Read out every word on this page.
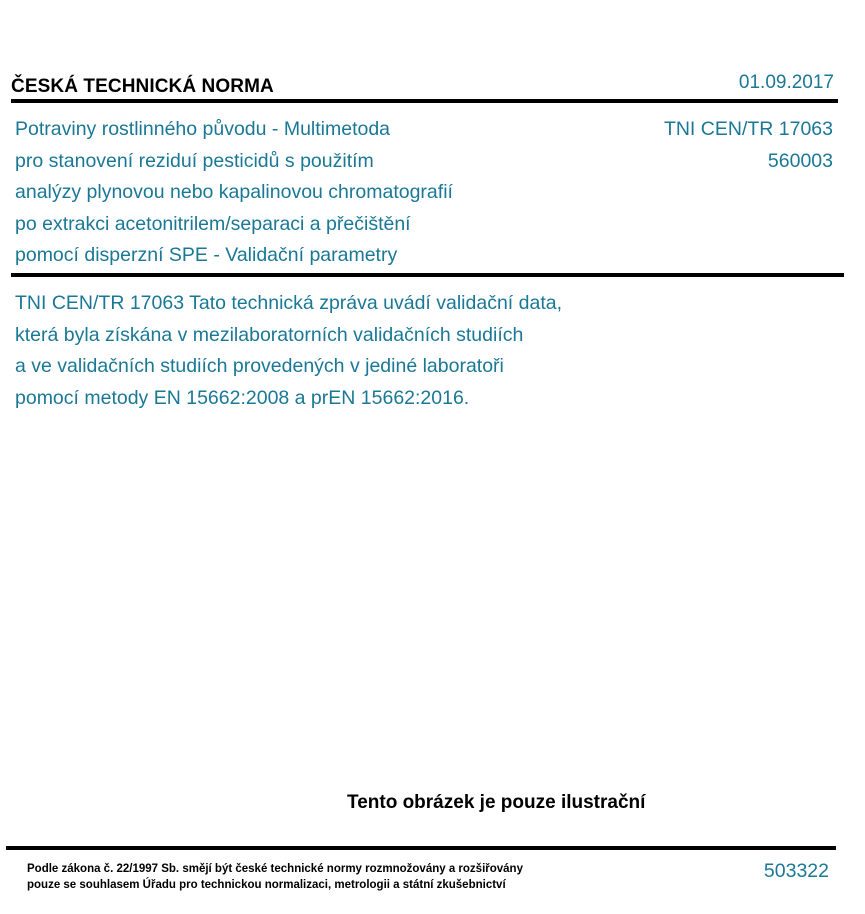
ČESKÁ TECHNICKÁ NORMA	01.09.2017
Potraviny rostlinného původu - Multimetoda
pro stanovení reziduí pesticidů s použitím
analýzy plynovou nebo kapalinovou chromatografií
po extrakci acetonitrilem/separaci a přečištění
pomocí disperzní SPE - Validační parametry
TNI CEN/TR 17063
560003
TNI CEN/TR 17063 Tato technická zpráva uvádí validační data,
která byla získána v mezilaboratorních validačních studiích
a ve validačních studiích provedených v jediné laboratoři
pomocí metody EN 15662:2008 a prEN 15662:2016.
Tento obrázek je pouze ilustrační
Podle zákona č. 22/1997 Sb. smějí být české technické normy rozmnožovány a rozšiřovány
pouze se souhlasem Úřadu pro technickou normalizaci, metrologii a státní zkušebnictví
503322
